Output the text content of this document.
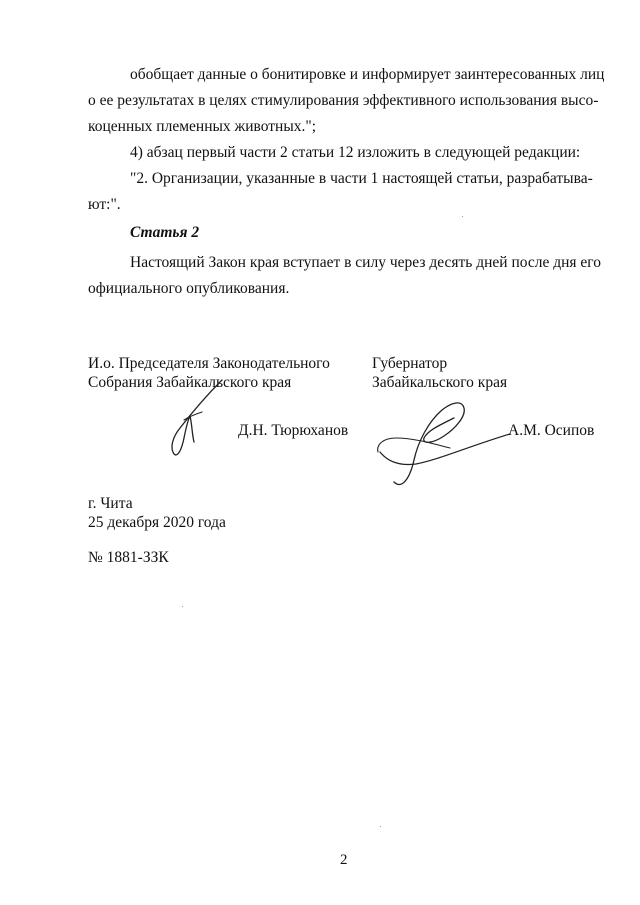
обобщает данные о бонитировке и информирует заинтересованных лиц
о ее результатах в целях стимулирования эффективного использования высо-
коценных племенных животных.";
4) абзац первый части 2 статьи 12 изложить в следующей редакции:
"2. Организации, указанные в части 1 настоящей статьи, разрабатыва-
ют:".
Статья 2
Настоящий Закон края вступает в силу через десять дней после дня его
официального опубликования.
И.о. Председателя Законодательного
Собрания Забайкальского края
Д.Н. Тюрюханов
Губернатор
Забайкальского края
А.М. Осипов
г. Чита
25 декабря 2020 года
№ 1881-ЗЗК
2
